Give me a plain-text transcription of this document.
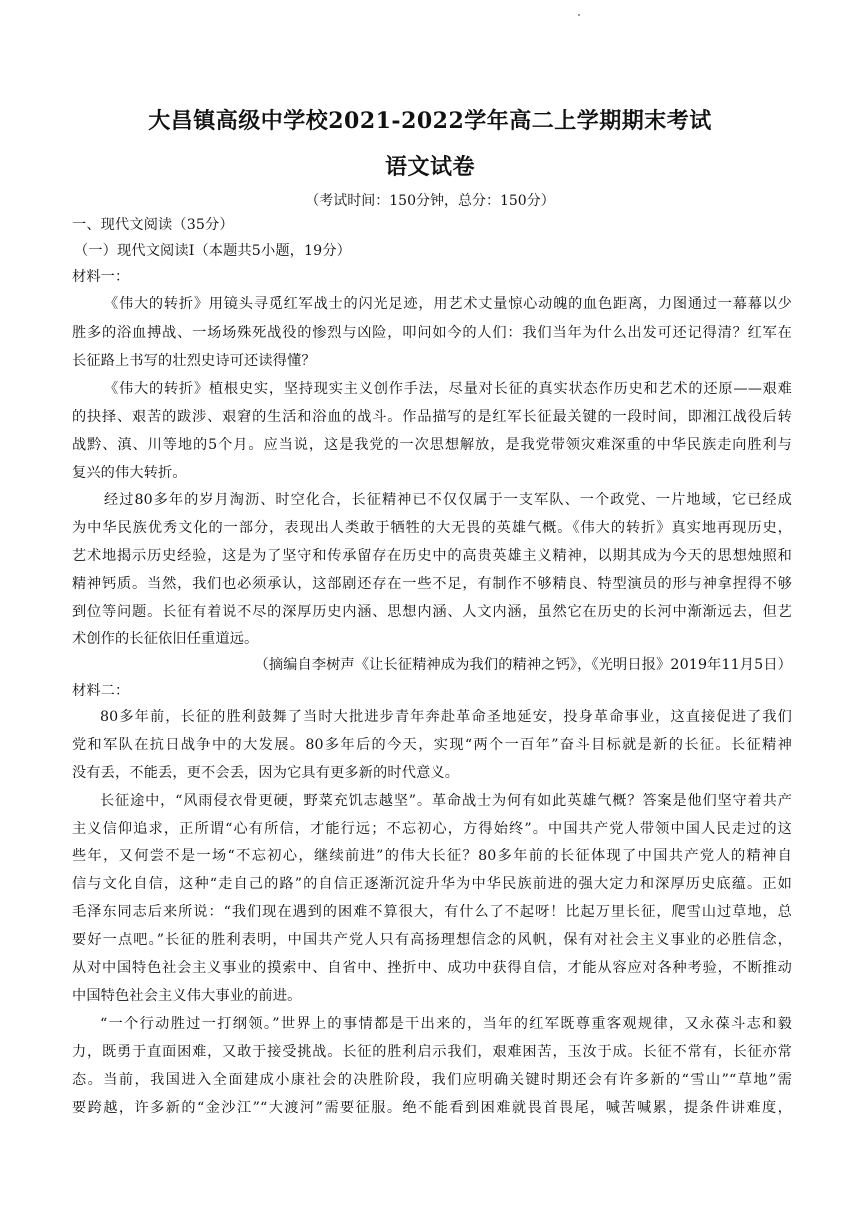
大昌镇高级中学校2021-2022学年高二上学期期末考试
语文试卷
（考试时间：150分钟，总分：150分）
一、现代文阅读（35分）
（一）现代文阅读Ⅰ（本题共5小题，19分）
材料一：
《伟大的转折》用镜头寻觅红军战士的闪光足迹，用艺术丈量惊心动魄的血色距离，力图通过一幕幕以少
胜多的浴血搏战、一场场殊死战役的惨烈与凶险，叩问如今的人们：我们当年为什么出发可还记得清？红军在
长征路上书写的壮烈史诗可还读得懂？
《伟大的转折》植根史实，坚持现实主义创作手法，尽量对长征的真实状态作历史和艺术的还原——艰难
的抉择、艰苦的跋涉、艰窘的生活和浴血的战斗。作品描写的是红军长征最关键的一段时间，即湘江战役后转
战黔、滇、川等地的5个月。应当说，这是我党的一次思想解放，是我党带领灾难深重的中华民族走向胜利与
复兴的伟大转折。
经过80多年的岁月淘沥、时空化合，长征精神已不仅仅属于一支军队、一个政党、一片地域，它已经成
为中华民族优秀文化的一部分，表现出人类敢于牺牲的大无畏的英雄气概。《伟大的转折》真实地再现历史，
艺术地揭示历史经验，这是为了坚守和传承留存在历史中的高贵英雄主义精神，以期其成为今天的思想烛照和
精神钙质。当然，我们也必须承认，这部剧还存在一些不足，有制作不够精良、特型演员的形与神拿捏得不够
到位等问题。长征有着说不尽的深厚历史内涵、思想内涵、人文内涵，虽然它在历史的长河中渐渐远去，但艺
术创作的长征依旧任重道远。
（摘编自李树声《让长征精神成为我们的精神之钙》，《光明日报》2019年11月5日）
材料二：
80多年前，长征的胜利鼓舞了当时大批进步青年奔赴革命圣地延安，投身革命事业，这直接促进了我们
党和军队在抗日战争中的大发展。80多年后的今天，实现“两个一百年”奋斗目标就是新的长征。长征精神
没有丢，不能丢，更不会丢，因为它具有更多新的时代意义。
长征途中，“风雨侵衣骨更硬，野菜充饥志越坚”。革命战士为何有如此英雄气概？答案是他们坚守着共产
主义信仰追求，正所谓“心有所信，才能行远；不忘初心，方得始终”。中国共产党人带领中国人民走过的这
些年，又何尝不是一场“不忘初心，继续前进”的伟大长征？80多年前的长征体现了中国共产党人的精神自
信与文化自信，这种“走自己的路”的自信正逐渐沉淀升华为中华民族前进的强大定力和深厚历史底蕴。正如
毛泽东同志后来所说：“我们现在遇到的困难不算很大，有什么了不起呀！比起万里长征，爬雪山过草地，总
要好一点吧。”长征的胜利表明，中国共产党人只有高扬理想信念的风帆，保有对社会主义事业的必胜信念，
从对中国特色社会主义事业的摸索中、自省中、挫折中、成功中获得自信，才能从容应对各种考验，不断推动
中国特色社会主义伟大事业的前进。
“一个行动胜过一打纲领。”世界上的事情都是干出来的，当年的红军既尊重客观规律，又永葆斗志和毅
力，既勇于直面困难，又敢于接受挑战。长征的胜利启示我们，艰难困苦，玉汝于成。长征不常有，长征亦常
态。当前，我国进入全面建成小康社会的决胜阶段，我们应明确关键时期还会有许多新的“雪山”“草地”需
要跨越，许多新的“金沙江”“大渡河”需要征服。绝不能看到困难就畏首畏尾，喊苦喊累，提条件讲难度，
